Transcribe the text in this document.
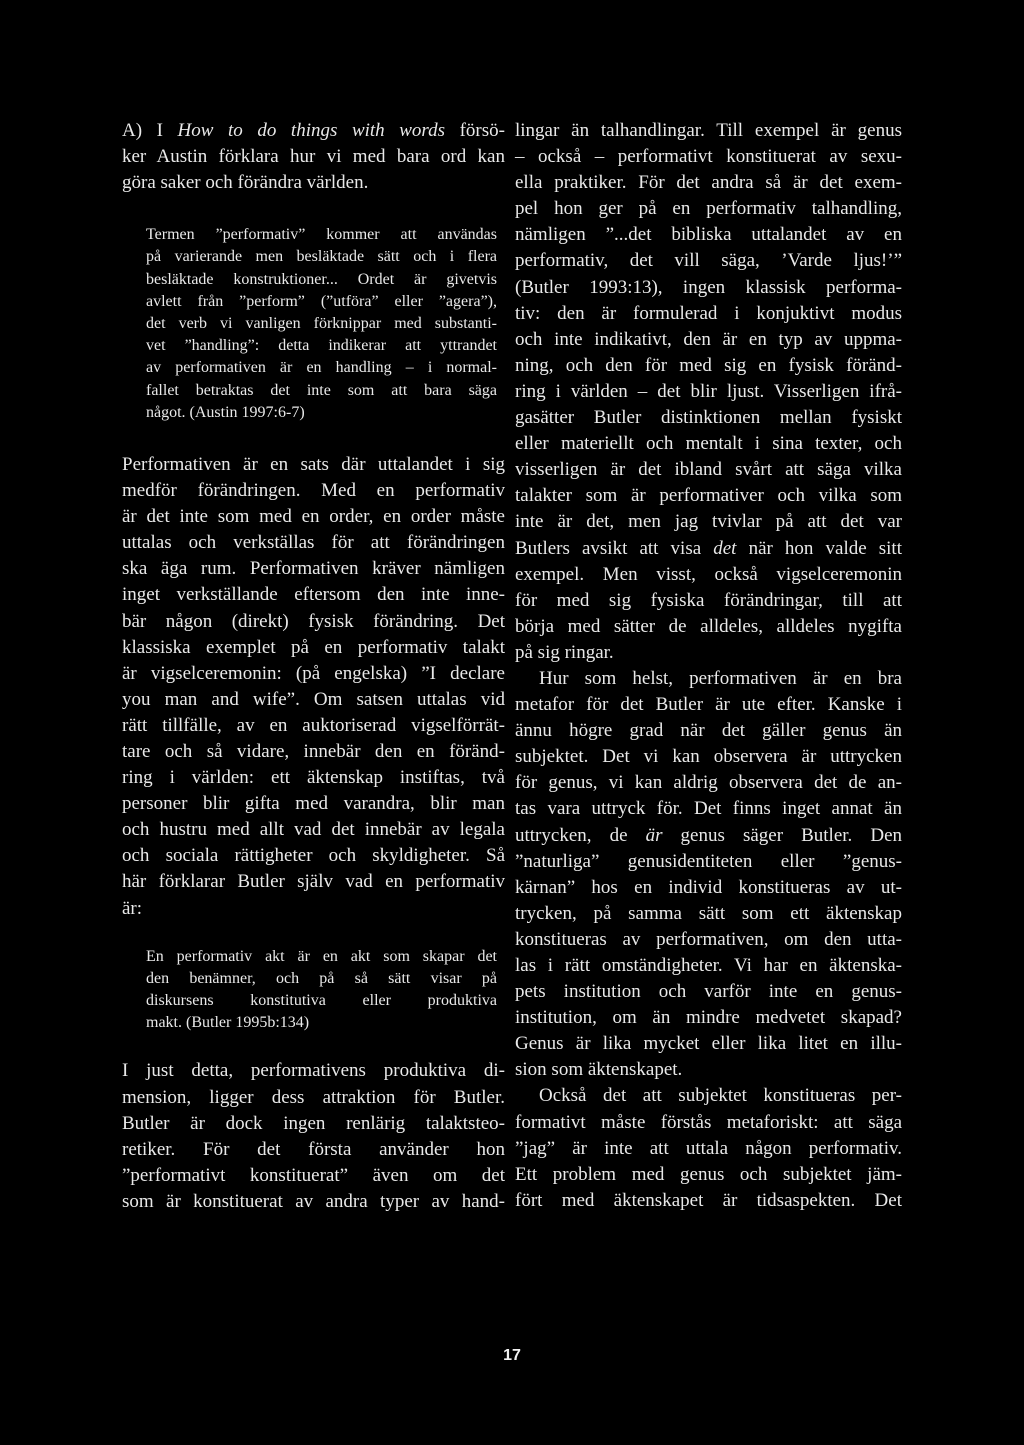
A) I How to do things with words försö-
ker Austin förklara hur vi med bara ord kan
göra saker och förändra världen.
Termen ”performativ” kommer att användas
på varierande men besläktade sätt och i flera
besläktade konstruktioner... Ordet är givetvis
avlett från ”perform” (”utföra” eller ”agera”),
det verb vi vanligen förknippar med substanti-
vet ”handling”: detta indikerar att yttrandet
av performativen är en handling – i normal-
fallet betraktas det inte som att bara säga
något. (Austin 1997:6-7)
Performativen är en sats där uttalandet i sig
medför förändringen. Med en performativ
är det inte som med en order, en order måste
uttalas och verkställas för att förändringen
ska äga rum. Performativen kräver nämligen
inget verkställande eftersom den inte inne-
bär någon (direkt) fysisk förändring. Det
klassiska exemplet på en performativ talakt
är vigselceremonin: (på engelska) ”I declare
you man and wife”. Om satsen uttalas vid
rätt tillfälle, av en auktoriserad vigselförrät-
tare och så vidare, innebär den en föränd-
ring i världen: ett äktenskap instiftas, två
personer blir gifta med varandra, blir man
och hustru med allt vad det innebär av legala
och sociala rättigheter och skyldigheter. Så
här förklarar Butler själv vad en performativ
är:
En performativ akt är en akt som skapar det
den benämner, och på så sätt visar på
diskursens konstitutiva eller produktiva
makt. (Butler 1995b:134)
I just detta, performativens produktiva di-
mension, ligger dess attraktion för Butler.
Butler är dock ingen renlärig talaktsteo-
retiker. För det första använder hon
”performativt konstituerat” även om det
som är konstituerat av andra typer av hand-
lingar än talhandlingar. Till exempel är genus
– också – performativt konstituerat av sexu-
ella praktiker. För det andra så är det exem-
pel hon ger på en performativ talhandling,
nämligen ”...det bibliska uttalandet av en
performativ, det vill säga, ’Varde ljus!’”
(Butler 1993:13), ingen klassisk performa-
tiv: den är formulerad i konjuktivt modus
och inte indikativt, den är en typ av uppma-
ning, och den för med sig en fysisk föränd-
ring i världen – det blir ljust. Visserligen ifrå-
gasätter Butler distinktionen mellan fysiskt
eller materiellt och mentalt i sina texter, och
visserligen är det ibland svårt att säga vilka
talakter som är performativer och vilka som
inte är det, men jag tvivlar på att det var
Butlers avsikt att visa det när hon valde sitt
exempel. Men visst, också vigselceremonin
för med sig fysiska förändringar, till att
börja med sätter de alldeles, alldeles nygifta
på sig ringar.
Hur som helst, performativen är en bra
metafor för det Butler är ute efter. Kanske i
ännu högre grad när det gäller genus än
subjektet. Det vi kan observera är uttrycken
för genus, vi kan aldrig observera det de an-
tas vara uttryck för. Det finns inget annat än
uttrycken, de är genus säger Butler. Den
”naturliga” genusidentiteten eller ”genus-
kärnan” hos en individ konstitueras av ut-
trycken, på samma sätt som ett äktenskap
konstitueras av performativen, om den utta-
las i rätt omständigheter. Vi har en äktenska-
pets institution och varför inte en genus-
institution, om än mindre medvetet skapad?
Genus är lika mycket eller lika litet en illu-
sion som äktenskapet.
Också det att subjektet konstitueras per-
formativt måste förstås metaforiskt: att säga
”jag” är inte att uttala någon performativ.
Ett problem med genus och subjektet jäm-
fört med äktenskapet är tidsaspekten. Det
17
